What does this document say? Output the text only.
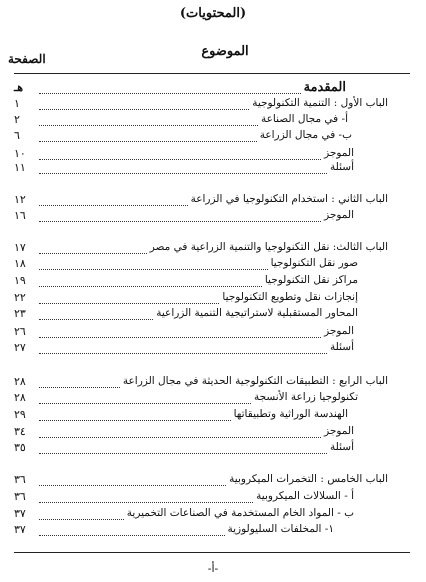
(المحتويات)
الموضوع
الصفحة
المقدمة
هـ
الباب الأول : التنمية التكنولوجية
١
أ- في مجال الصناعة
٢
ب- في مجال الزراعة
٦
الموجز
١٠
أسئلة
١١
الباب الثاني : استخدام التكنولوجيا في الزراعة
١٢
الموجز
١٦
الباب الثالث: نقل التكنولوجيا والتنمية الزراعية في مصر
١٧
صور نقل التكنولوجيا
١٨
مراكز نقل التكنولوجيا
١٩
إنجازات نقل وتطويع التكنولوجيا
٢٢
المحاور المستقبلية لاستراتيجية التنمية الزراعية
٢٣
الموجز
٢٦
أسئلة
٢٧
الباب الرابع : التطبيقات التكنولوجية الحديثة في مجال الزراعة
٢٨
تكنولوجيا زراعة الأنسجة
٢٨
الهندسة الوراثية وتطبيقاتها
٢٩
الموجز
٣٤
أسئلة
٣٥
الباب الخامس : التخمرات الميكروبية
٣٦
أ - السلالات الميكروبية
٣٦
ب - المواد الخام المستخدمة في الصناعات التخميرية
٣٧
١- المخلفات السليولوزية
٣٧
-أ-
